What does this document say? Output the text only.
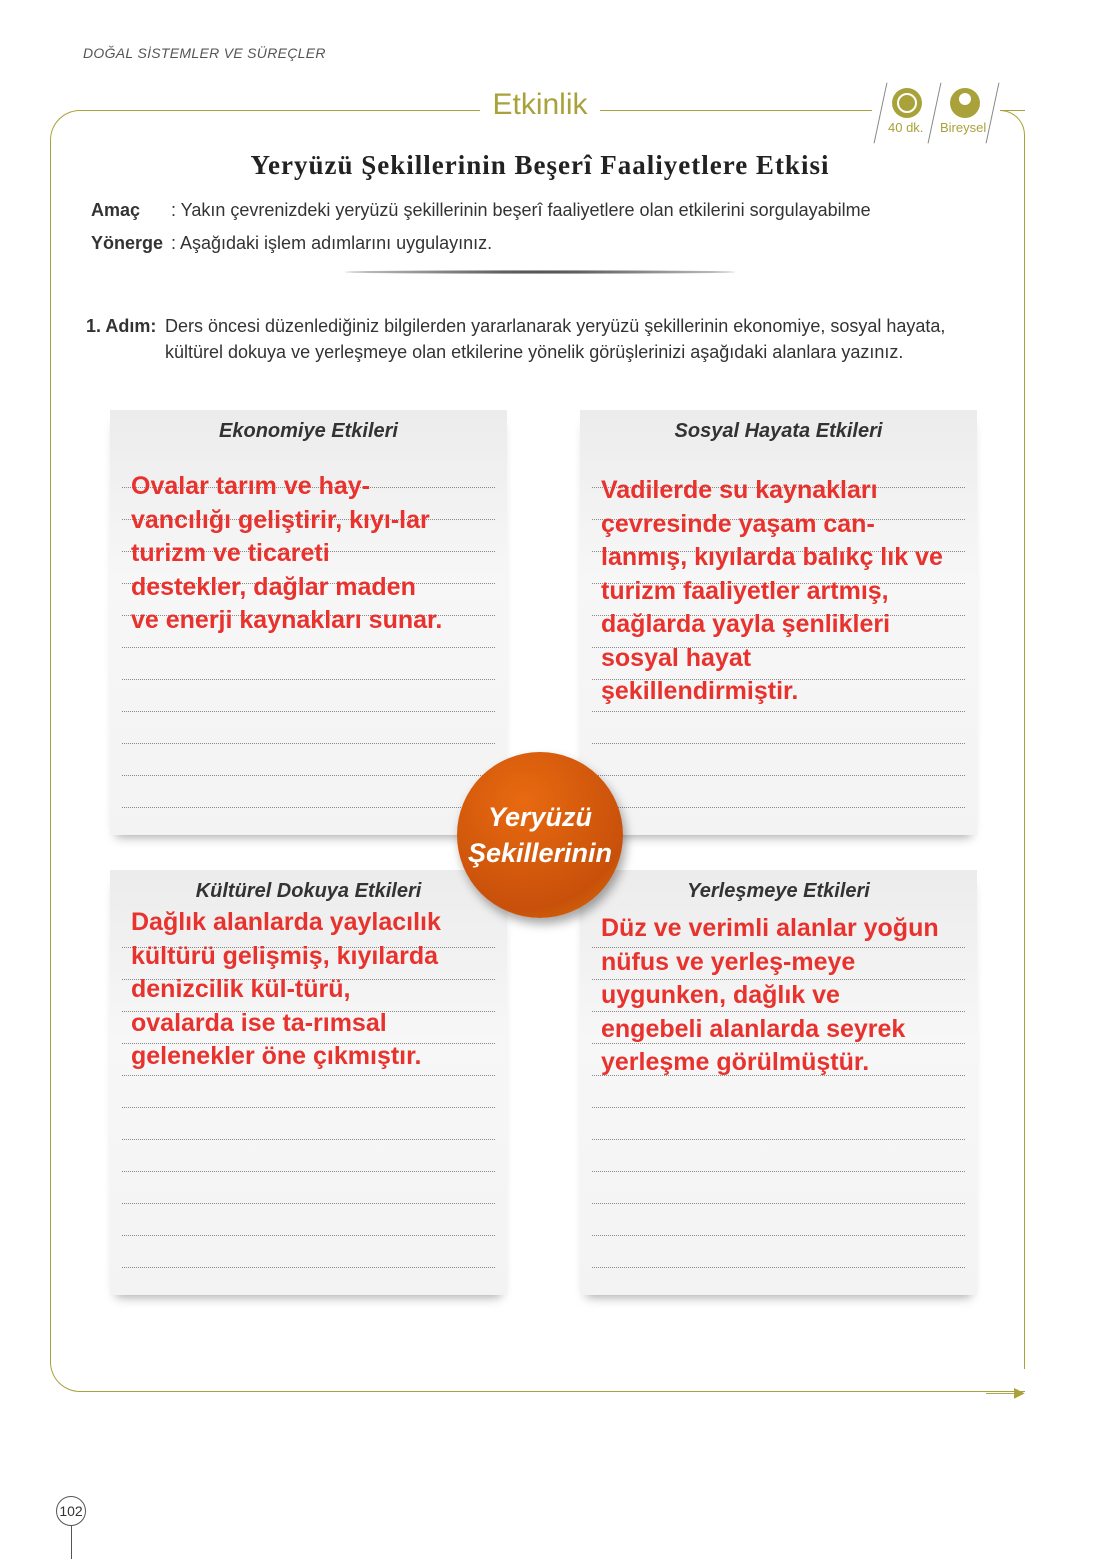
DOĞAL SİSTEMLER VE SÜREÇLER
Etkinlik
40 dk. Bireysel
Yeryüzü Şekillerinin Beşerî Faaliyetlere Etkisi
Amaç : Yakın çevrenizdeki yeryüzü şekillerinin beşerî faaliyetlere olan etkilerini sorgulayabilme
Yönerge : Aşağıdaki işlem adımlarını uygulayınız.
1. Adım: Ders öncesi düzenlediğiniz bilgilerden yararlanarak yeryüzü şekillerinin ekonomiye, sosyal hayata, kültürel dokuya ve yerleşmeye olan etkilerine yönelik görüşlerinizi aşağıdaki alanlara yazınız.
Ekonomiye Etkileri
Ovalar tarım ve hay-
vancılığı geliştirir, kıyı-lar
turizm ve ticareti
destekler, dağlar maden
ve enerji kaynakları sunar.
Sosyal Hayata Etkileri
Vadilerde su kaynakları
çevresinde yaşam can-
lanmış, kıyılarda balıkç lık ve
turizm faaliyetler artmış,
dağlarda yayla şenlikleri
sosyal hayat
şekillendirmiştir.
Kültürel Dokuya Etkileri
Dağlık alanlarda yaylacılık
kültürü gelişmiş, kıyılarda
denizcilik kül-türü,
ovalarda ise ta-rımsal
gelenekler öne çıkmıştır.
Yerleşmeye Etkileri
Düz ve verimli alanlar yoğun
nüfus ve yerleş-meye
uygunken, dağlık ve
engebeli alanlarda seyrek
yerleşme görülmüştür.
Yeryüzü
Şekillerinin
——▶
102
